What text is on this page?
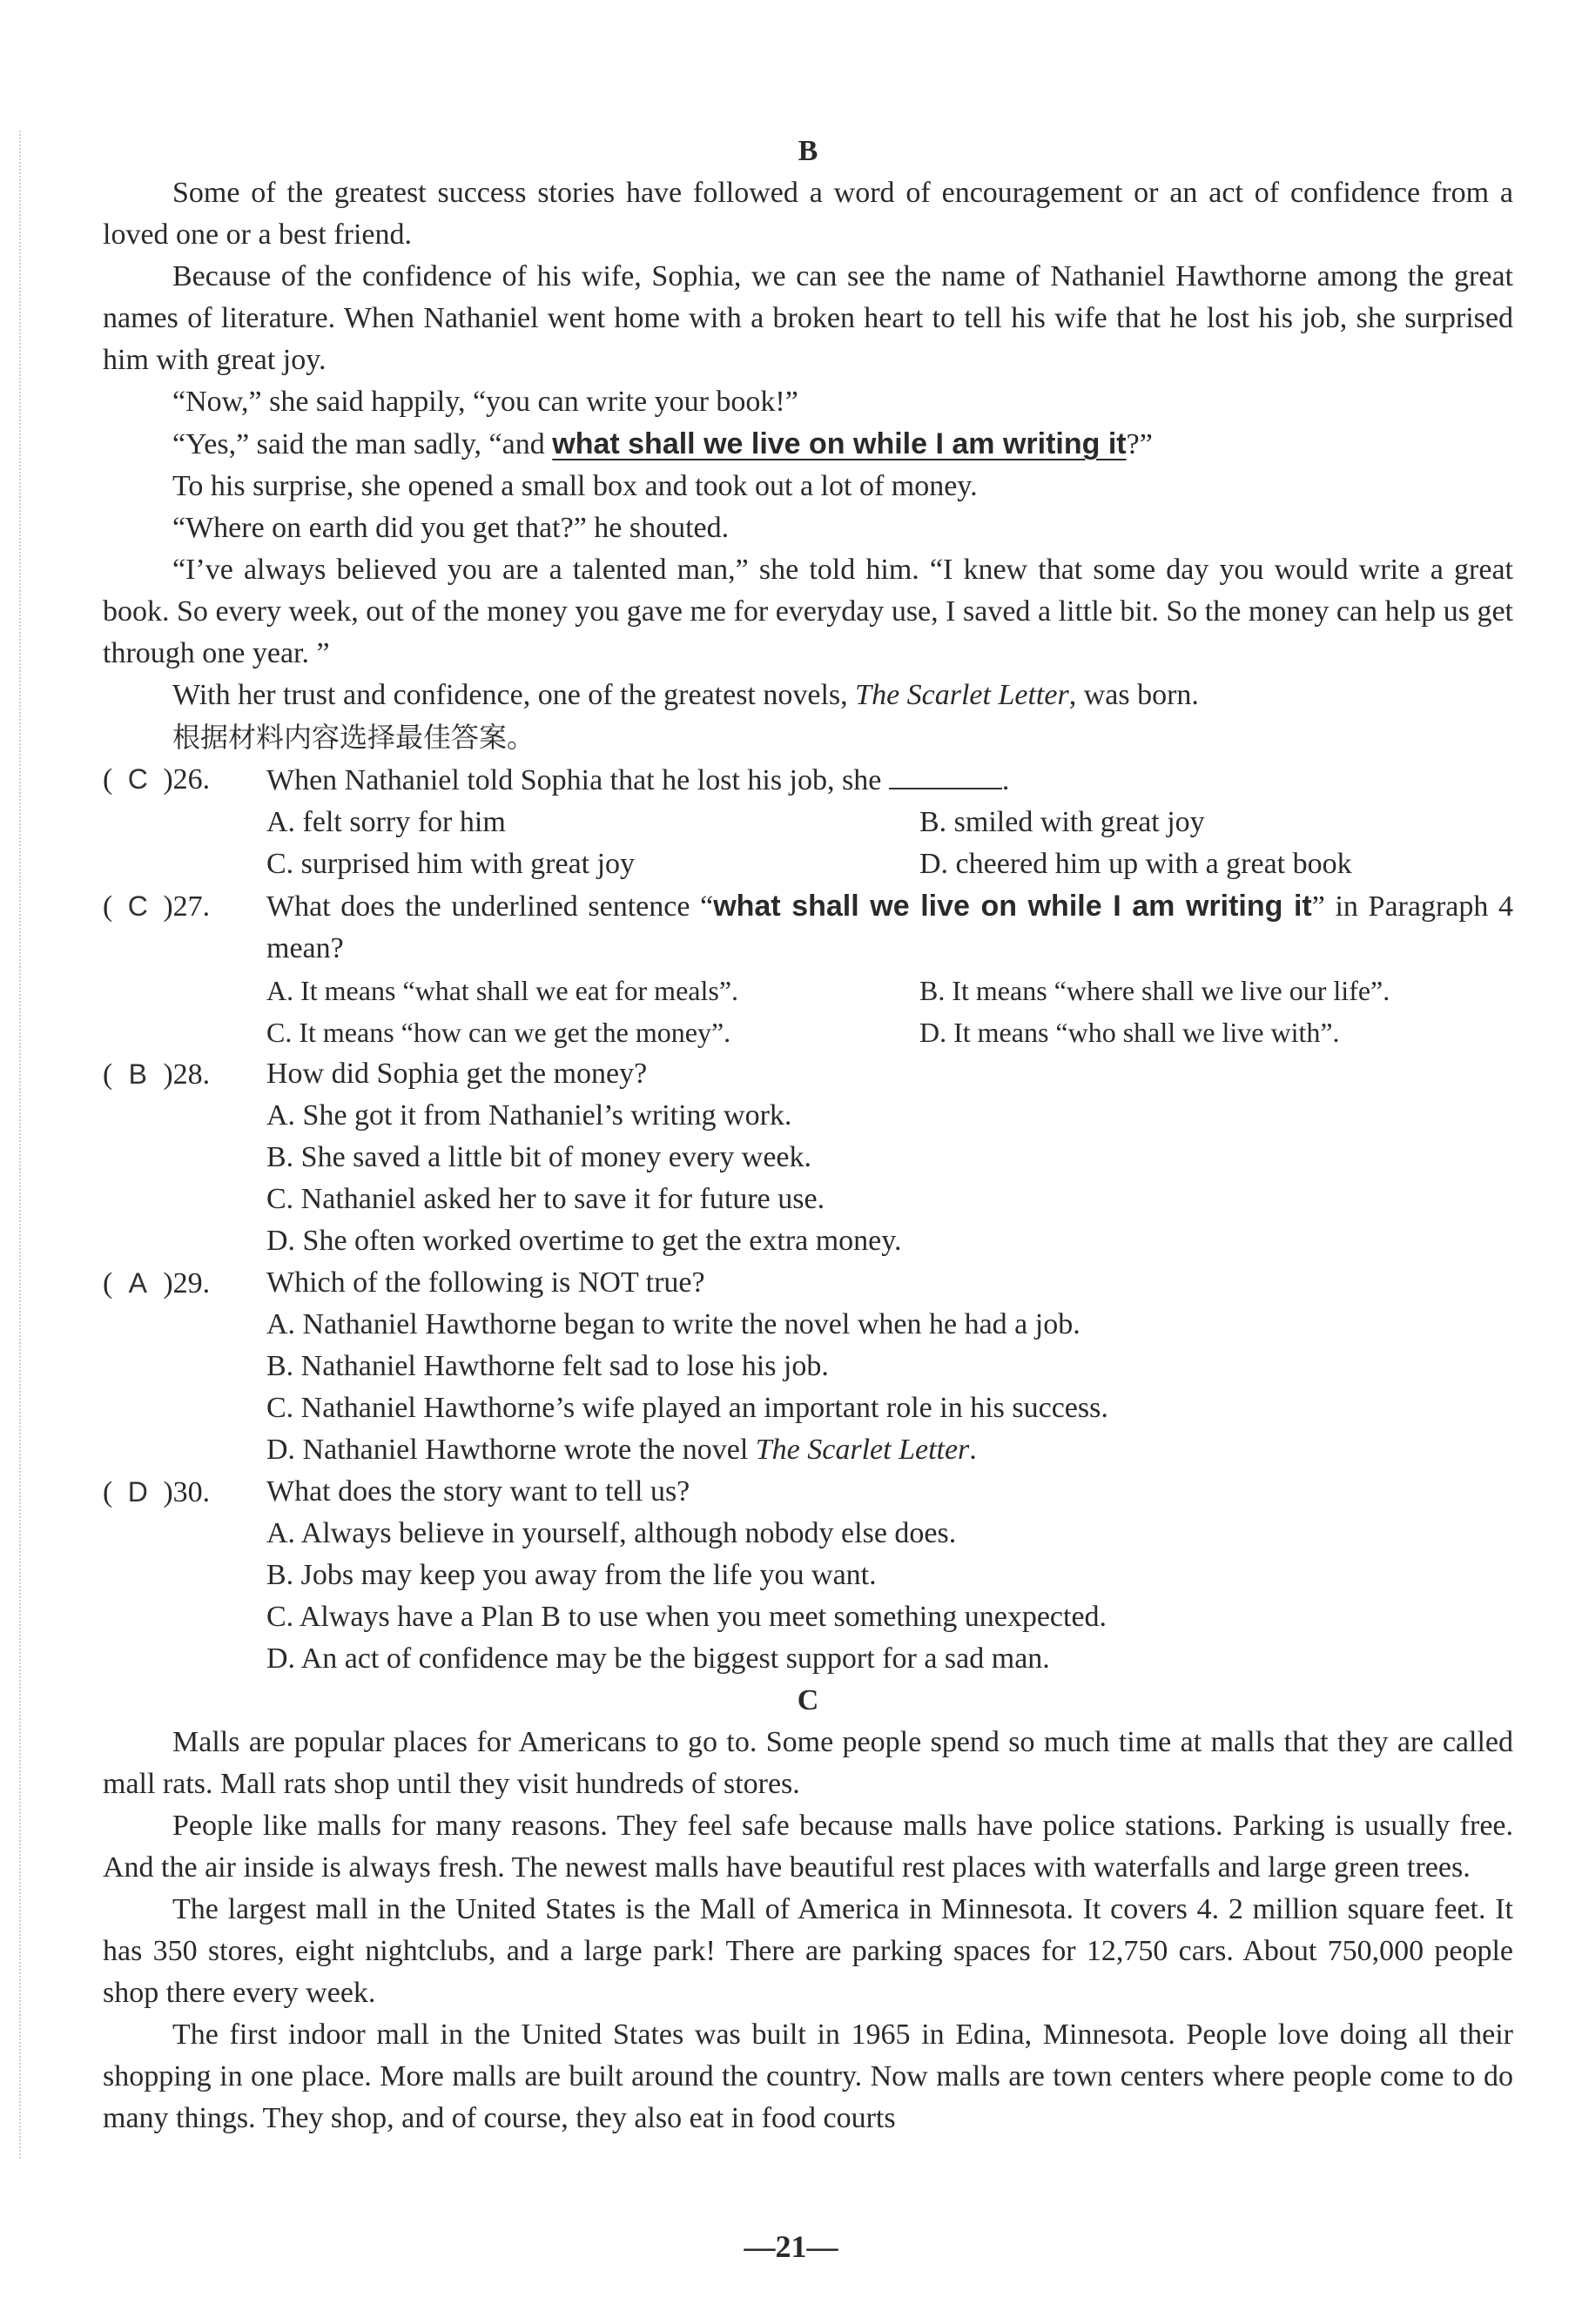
B

Some of the greatest success stories have followed a word of encouragement or an act of confidence from a loved one or a best friend.

Because of the confidence of his wife, Sophia, we can see the name of Nathaniel Hawthorne among the great names of literature. When Nathaniel went home with a broken heart to tell his wife that he lost his job, she surprised him with great joy.

“Now,” she said happily, “you can write your book!”

“Yes,” said the man sadly, “and what shall we live on while I am writing it?”

To his surprise, she opened a small box and took out a lot of money.

“Where on earth did you get that?” he shouted.

“I’ve always believed you are a talented man,” she told him. “I knew that some day you would write a great book. So every week, out of the money you gave me for everyday use, I saved a little bit. So the money can help us get through one year. ”

With her trust and confidence, one of the greatest novels, The Scarlet Letter, was born.

根据材料内容选择最佳答案。

( C )26.	When Nathaniel told Sophia that he lost his job, she	.
A. felt sorry for him	B. smiled with great joy
C. surprised him with great joy	D. cheered him up with a great book
( C )27.	What does the underlined sentence “what shall we live on while I am writing it” in Paragraph 4 mean?
A. It means “what shall we eat for meals”.	B. It means “where shall we live our life”.
C. It means “how can we get the money”.	D. It means “who shall we live with”.
( B )28.	How did Sophia get the money?
A. She got it from Nathaniel’s writing work.
B. She saved a little bit of money every week.
C. Nathaniel asked her to save it for future use.
D. She often worked overtime to get the extra money.
( A )29.	Which of the following is NOT true?
A. Nathaniel Hawthorne began to write the novel when he had a job.
B. Nathaniel Hawthorne felt sad to lose his job.
C. Nathaniel Hawthorne’s wife played an important role in his success.
D. Nathaniel Hawthorne wrote the novel The Scarlet Letter.
( D )30.	What does the story want to tell us?
A. Always believe in yourself, although nobody else does.
B. Jobs may keep you away from the life you want.
C. Always have a Plan B to use when you meet something unexpected.
D. An act of confidence may be the biggest support for a sad man.
C

Malls are popular places for Americans to go to. Some people spend so much time at malls that they are called mall rats. Mall rats shop until they visit hundreds of stores.

People like malls for many reasons. They feel safe because malls have police stations. Parking is usually free. And the air inside is always fresh. The newest malls have beautiful rest places with waterfalls and large green trees.

The largest mall in the United States is the Mall of America in Minnesota. It covers 4. 2 million square feet. It has 350 stores, eight nightclubs, and a large park! There are parking spaces for 12,750 cars. About 750,000 people shop there every week.

The first indoor mall in the United States was built in 1965 in Edina, Minnesota. People love doing all their shopping in one place. More malls are built around the country. Now malls are town centers where people come to do many things. They shop, and of course, they also eat in food courts

—21—
